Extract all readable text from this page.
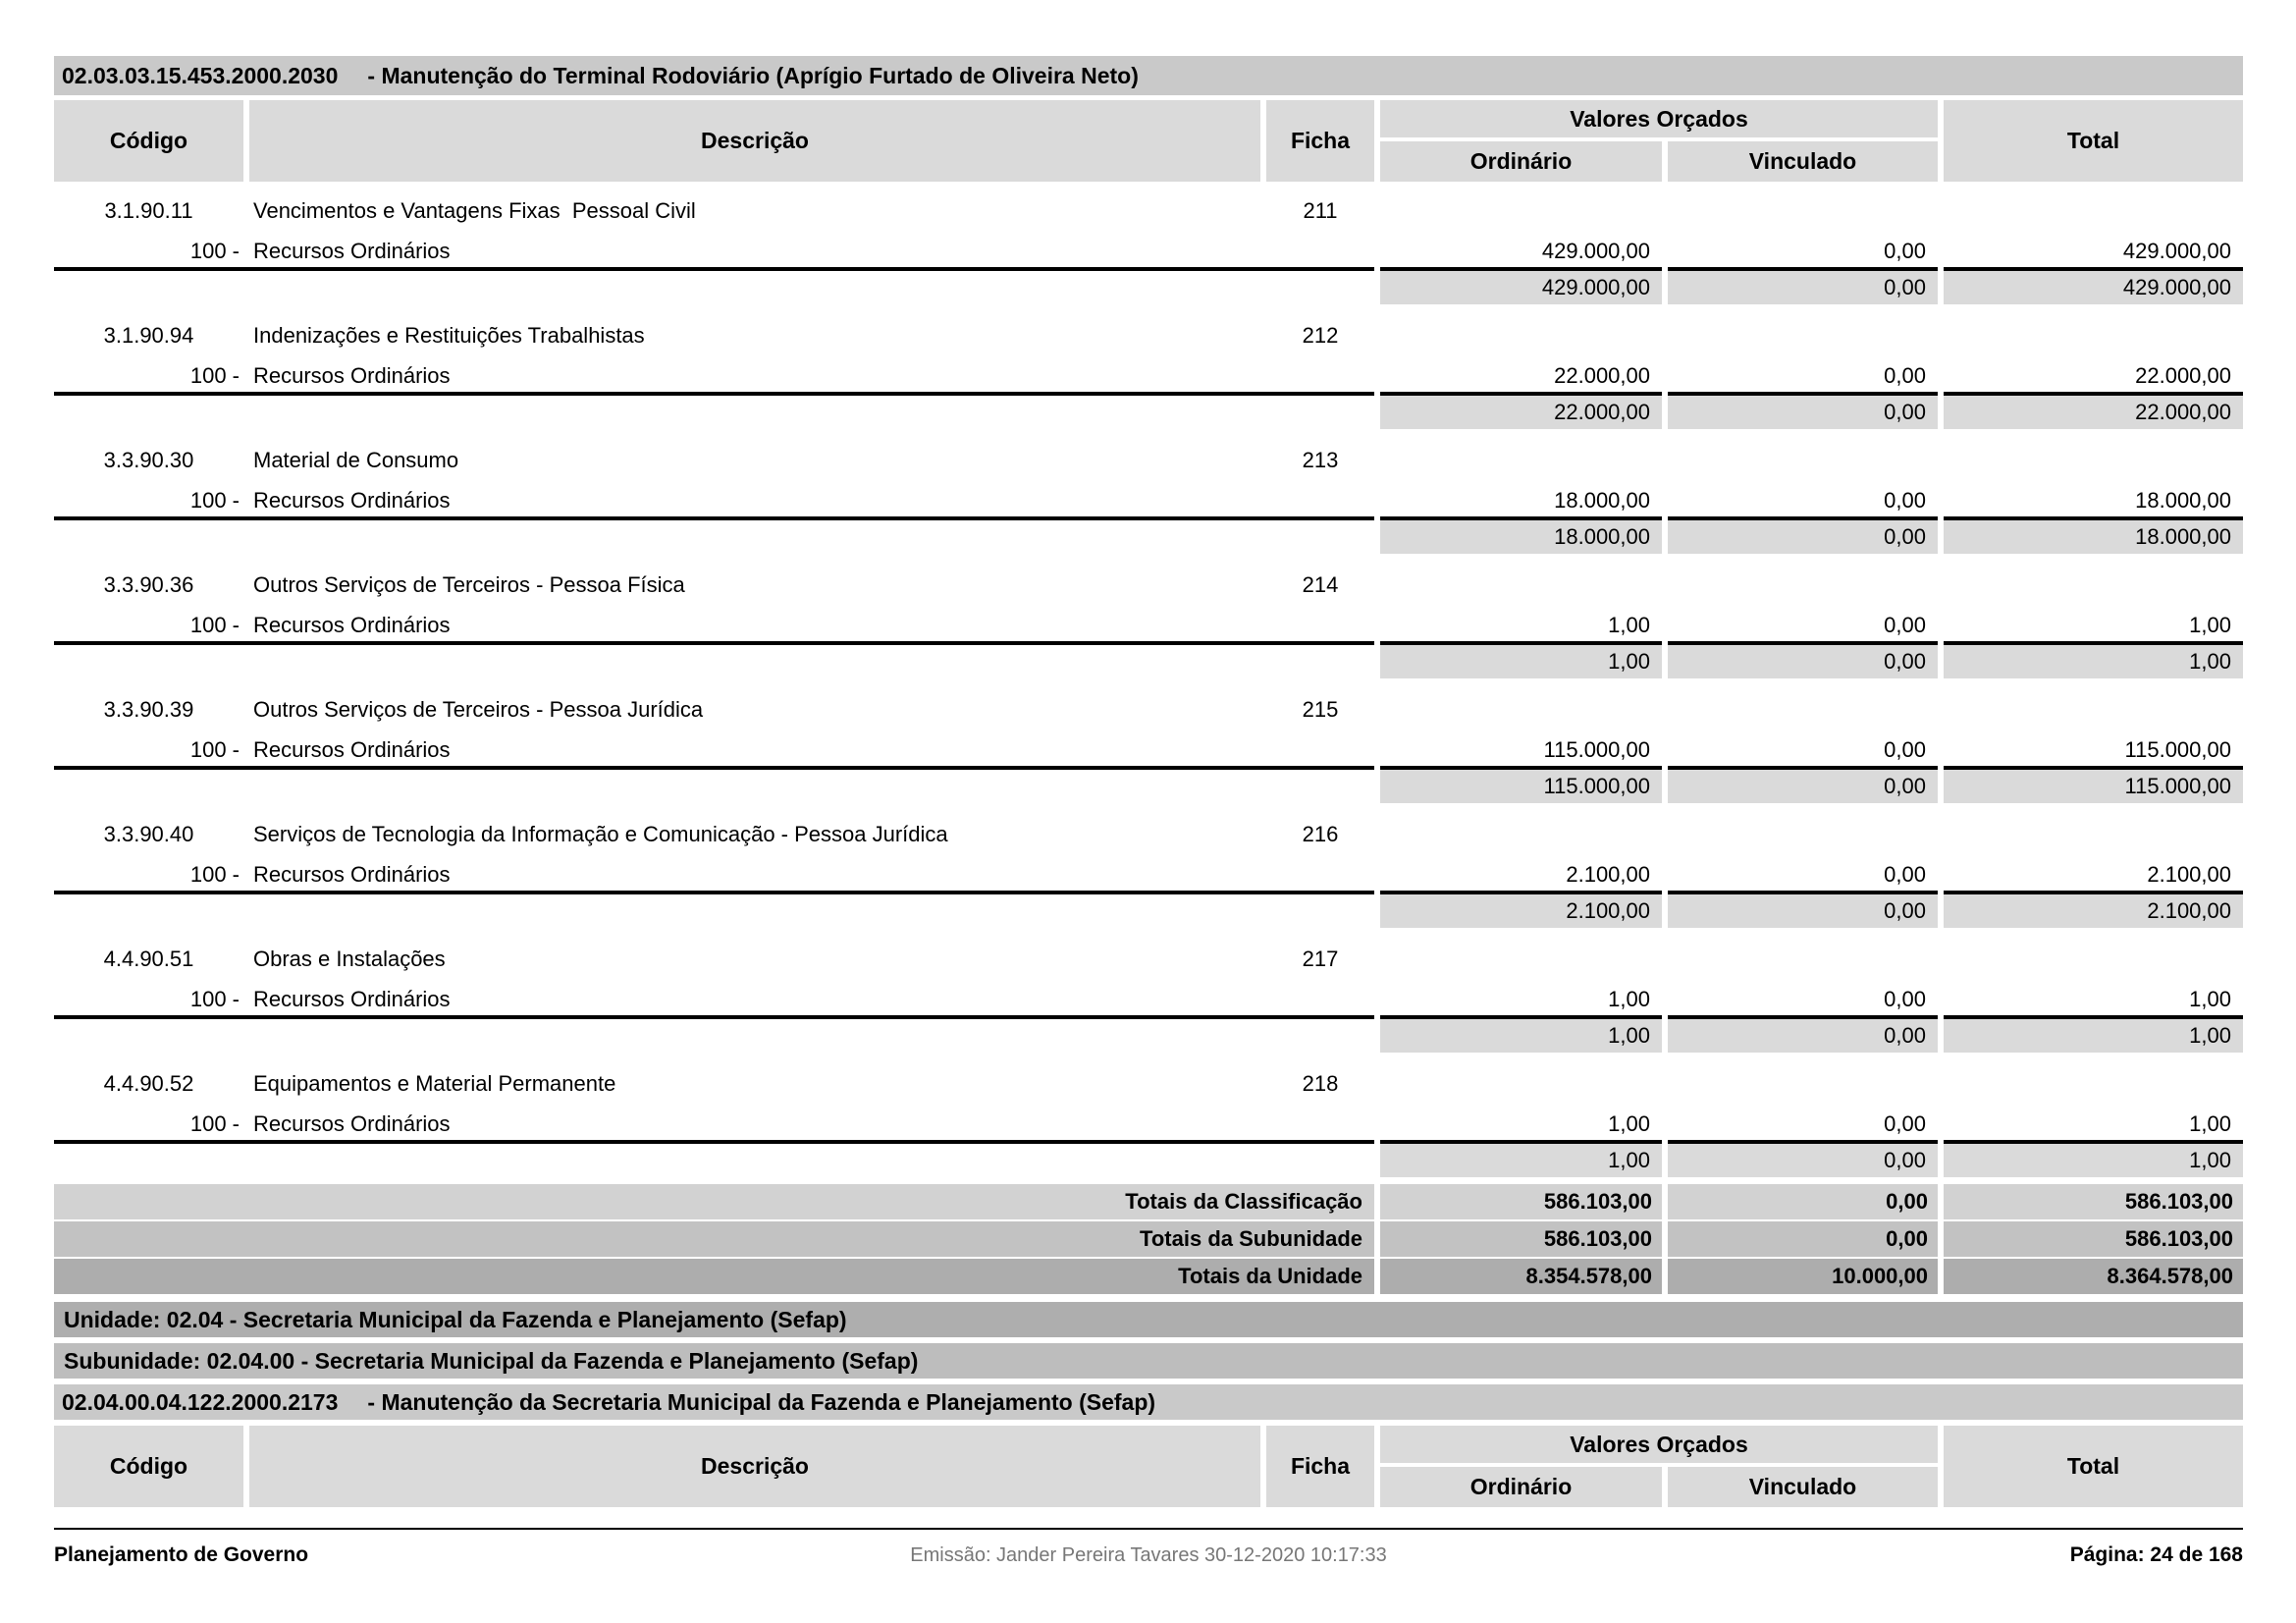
02.03.03.15.453.2000.2030 - Manutenção do Terminal Rodoviário (Aprígio Furtado de Oliveira Neto)
Código	Descrição	Ficha
Valores Orçados
Ordinário	Vinculado
Total
3.1.90.11	Vencimentos e Vantagens Fixas  Pessoal Civil	211
100 - Recursos Ordinários	429.000,00	0,00	429.000,00
429.000,00	0,00	429.000,00
3.1.90.94	Indenizações e Restituições Trabalhistas	212
100 - Recursos Ordinários	22.000,00	0,00	22.000,00
22.000,00	0,00	22.000,00
3.3.90.30	Material de Consumo	213
100 - Recursos Ordinários	18.000,00	0,00	18.000,00
18.000,00	0,00	18.000,00
3.3.90.36	Outros Serviços de Terceiros - Pessoa Física	214
100 - Recursos Ordinários	1,00	0,00	1,00
1,00	0,00	1,00
3.3.90.39	Outros Serviços de Terceiros - Pessoa Jurídica	215
100 - Recursos Ordinários	115.000,00	0,00	115.000,00
115.000,00	0,00	115.000,00
3.3.90.40	Serviços de Tecnologia da Informação e Comunicação - Pessoa Jurídica	216
100 - Recursos Ordinários	2.100,00	0,00	2.100,00
2.100,00	0,00	2.100,00
4.4.90.51	Obras e Instalações	217
100 - Recursos Ordinários	1,00	0,00	1,00
1,00	0,00	1,00
4.4.90.52	Equipamentos e Material Permanente	218
100 - Recursos Ordinários	1,00	0,00	1,00
1,00	0,00	1,00
Totais da Classificação	586.103,00	0,00	586.103,00
Totais da Subunidade	586.103,00	0,00	586.103,00
Totais da Unidade	8.354.578,00	10.000,00	8.364.578,00
Unidade: 02.04 - Secretaria Municipal da Fazenda e Planejamento (Sefap)
Subunidade: 02.04.00 - Secretaria Municipal da Fazenda e Planejamento (Sefap)
02.04.00.04.122.2000.2173 - Manutenção da Secretaria Municipal da Fazenda e Planejamento (Sefap)
Código	Descrição	Ficha
Valores Orçados
Ordinário	Vinculado
Total
Planejamento de Governo	Emissão: Jander Pereira Tavares 30-12-2020 10:17:33	Página: 24 de 168
